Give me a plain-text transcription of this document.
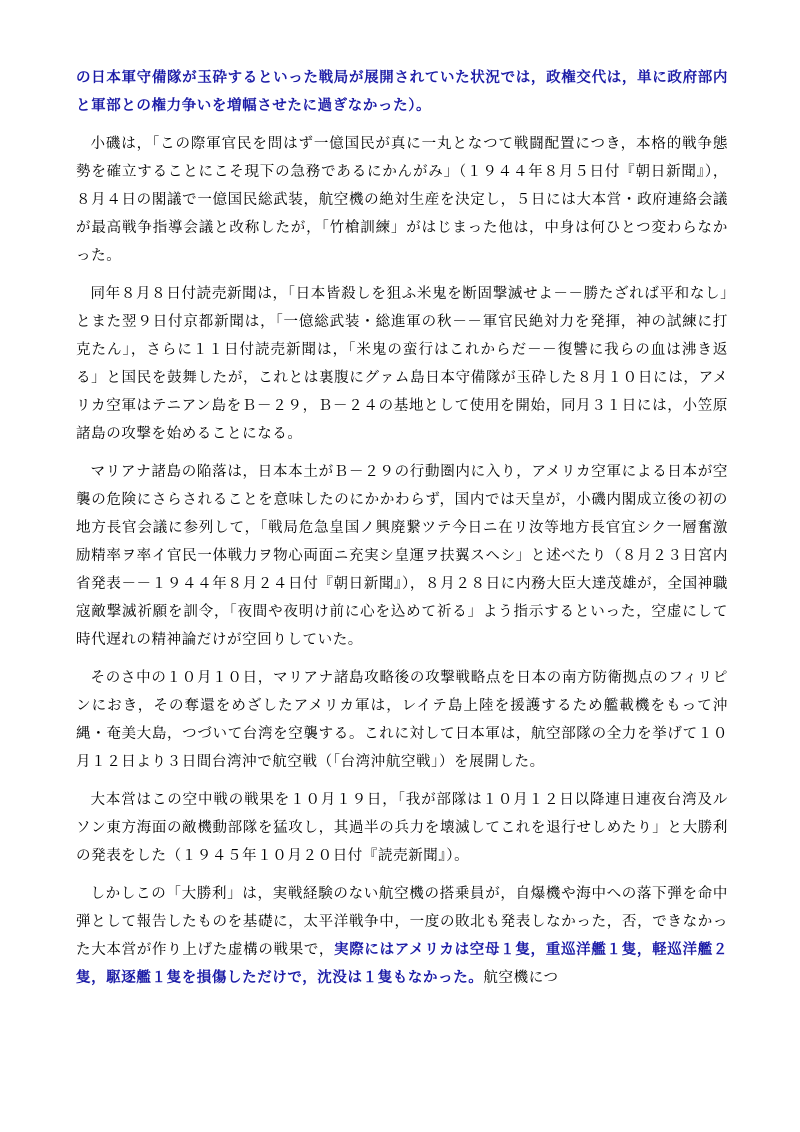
の日本軍守備隊が玉砕するといった戦局が展開されていた状況では，政権交代は，単に政府部内と軍部との権力争いを増幅させたに過ぎなかった）。

小磯は，「この際軍官民を問はず一億国民が真に一丸となつて戦闘配置につき，本格的戦争態勢を確立することにこそ現下の急務であるにかんがみ」（１９４４年８月５日付『朝日新聞』），８月４日の閣議で一億国民総武装，航空機の絶対生産を決定し，５日には大本営・政府連絡会議が最高戦争指導会議と改称したが，「竹槍訓練」がはじまった他は，中身は何ひとつ変わらなかった。

同年８月８日付読売新聞は，「日本皆殺しを狙ふ米鬼を断固撃滅せよ－－勝たざれば平和なし」とまた翌９日付京都新聞は，「一億総武装・総進軍の秋－－軍官民絶対力を発揮，神の試練に打克たん」，さらに１１日付読売新聞は，「米鬼の蛮行はこれからだ－－復讐に我らの血は沸き返る」と国民を鼓舞したが，これとは裏腹にグァム島日本守備隊が玉砕した８月１０日には，アメリカ空軍はテニアン島をＢ－２９，Ｂ－２４の基地として使用を開始，同月３１日には，小笠原諸島の攻撃を始めることになる。

マリアナ諸島の陥落は，日本本土がＢ－２９の行動圏内に入り，アメリカ空軍による日本が空襲の危険にさらされることを意味したのにかかわらず，国内では天皇が，小磯内閣成立後の初の地方長官会議に参列して，「戦局危急皇国ノ興廃繋ツテ今日ニ在リ汝等地方長官宜シク一層奮激励精率ヲ率イ官民一体戦力ヲ物心両面ニ充実シ皇運ヲ扶翼スヘシ」と述べたり（８月２３日宮内省発表－－１９４４年８月２４日付『朝日新聞』），８月２８日に内務大臣大達茂雄が，全国神職寇敵撃滅祈願を訓令，「夜間や夜明け前に心を込めて祈る」よう指示するといった，空虚にして時代遅れの精神論だけが空回りしていた。

そのさ中の１０月１０日，マリアナ諸島攻略後の攻撃戦略点を日本の南方防衛拠点のフィリピンにおき，その奪還をめざしたアメリカ軍は，レイテ島上陸を援護するため艦載機をもって沖縄・奄美大島，つづいて台湾を空襲する。これに対して日本軍は，航空部隊の全力を挙げて１０月１２日より３日間台湾沖で航空戦（「台湾沖航空戦」）を展開した。

大本営はこの空中戦の戦果を１０月１９日，「我が部隊は１０月１２日以降連日連夜台湾及ルソン東方海面の敵機動部隊を猛攻し，其過半の兵力を壊滅してこれを退行せしめたり」と大勝利の発表をした（１９４５年１０月２０日付『読売新聞』）。

しかしこの「大勝利」は，実戦経験のない航空機の搭乗員が，自爆機や海中への落下弾を命中弾として報告したものを基礎に，太平洋戦争中，一度の敗北も発表しなかった，否，できなかった大本営が作り上げた虚構の戦果で，実際にはアメリカは空母１隻，重巡洋艦１隻，軽巡洋艦２隻，駆逐艦１隻を損傷しただけで，沈没は１隻もなかった。航空機につ
